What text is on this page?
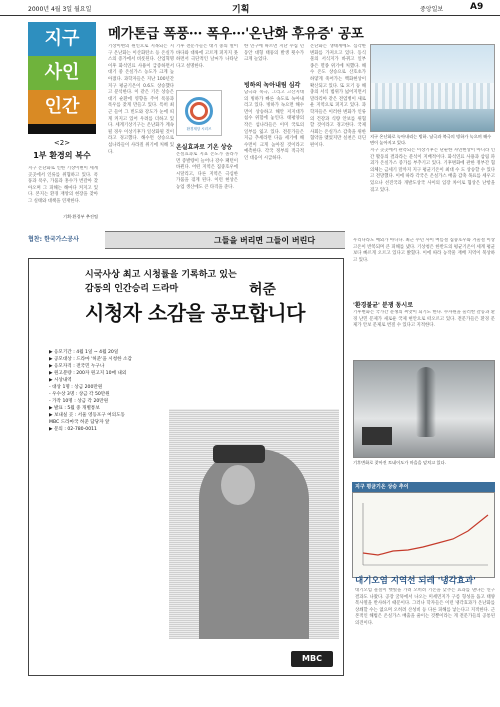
2000년 4월 3일 월요일	기획	중앙일보	A9
지구
사인
인간
<2>
1부 환경의 복수
메가톤급 폭풍··· 폭우···'온난화 후유증' 공포
지구 온난화로 인한 기상이변이 세계 곳곳에서 인류를 위협하고 있다. 폭풍과 폭우, 가뭄과 홍수가 번갈아 찾아오며 그 피해는 해마다 커지고 있다. 본지는 환경 재앙의 현장을 찾아 그 실태와 대책을 연재한다.
기획·환경부 추진팀
기상이변의 원인으로 지목되는 지구 온난화는 이산화탄소 등 온실가스의 증가에서 비롯된다. 산업혁명 이후 화석연료 사용이 급증하면서 대기 중 온실가스 농도가 크게 높아졌다. 과학자들은 지난 100년간 지구 평균기온이 0.6도 상승했다고 분석한다. 이 같은 기온 상승은 대기 순환에 영향을 주어 폭풍과 폭우를 잦게 만들고 있다. 특히 최근 들어 그 빈도와 강도가 눈에 띄게 커지고 있어 우려를 더하고 있다. 세계기상기구는 온난화가 계속될 경우 이상기후가 일상화될 것이라고 경고했다. 해수면 상승으로 섬나라들이 사라질 위기에 처해 있다.
환경재앙 시리즈
기후 전문가들은 대기 중의 열이 바다와 대륙에 고르게 퍼지지 못하면서 극단적인 날씨가 나타난다고 설명한다.
온실효과로 기온 상승
온실효과로 지표 온도가 올라가면 증발량이 늘어나 강수 패턴이 바뀐다. 어떤 지역은 집중호우에 시달리고, 다른 지역은 극심한 가뭄을 겪게 된다. 이런 현상은 농업 생산에도 큰 타격을 준다.
한 연구에 따르면 지난 수십 년 동안 대형 태풍의 발생 횟수가 크게 늘었다.
빙하의 녹아내림 심각
남극과 북극, 그리고 고산지대의 빙하가 빠른 속도로 녹아내리고 있다. 빙하가 녹으면 해수면이 상승하고 해안 저지대가 침수 위험에 놓인다. 태평양의 작은 섬나라들은 이미 국토의 일부를 잃고 있다. 전문가들은 지금 추세라면 다음 세기에 해수면이 크게 높아질 것이라고 예측한다. 각국 정부의 적극적인 대응이 시급하다.
온난화는 생태계에도 심각한 변화를 가져오고 있다. 동식물의 서식지가 바뀌고 일부 종은 멸종 위기에 처했다. 해수 온도 상승으로 산호초가 하얗게 죽어가는 백화현상이 확산되고 있다. 또 모기 등 해충의 서식 범위가 넓어지면서 말라리아 같은 전염병이 새로운 지역으로 퍼지고 있다. 과학자들은 이러한 변화가 인류의 건강과 식량 안보를 위협할 것이라고 경고한다. 국제사회는 온실가스 감축을 위한 협약을 맺었지만 실천은 더딘 편이다.
지구 온난화로 녹아내리는 빙하. 남극과 북극의 빙하가 녹으며 해수면이 높아지고 있다.
지구 곳곳에서 관측되는 이상기후는 단순한 자연현상이 아니라 인간 활동의 결과라는 분석이 지배적이다. 화석연료 사용과 삼림 파괴가 온실가스 증가를 부추기고 있다. 기후변화에 관한 정부간 협의체는 금세기 말까지 지구 평균기온이 최대 수 도 상승할 수 있다고 전망했다. 이에 따라 각국은 온실가스 배출 감축 목표를 세우고 있으나 선진국과 개발도상국 사이의 입장 차이로 협상은 난항을 겪고 있다.
협찬: 한국가스공사	그들을 버리면 그들이 버린다	우리나라도 예외가 아니다. 최근 수년 사이 여름철 집중호우와 겨울철 이상고온이 반복되며 큰 피해를 냈다. 기상청은 한반도의 평균기온이 세계 평균보다 빠르게 오르고 있다고 밝혔다. 이에 따라 농작물 재배 지역이 북상하고 있다.
'환경불균' 분쟁 동시로
기후변화는 국가간 분쟁의 씨앗이 되기도 한다. 수자원을 둘러싼 갈등과 환경 난민 문제가 새로운 국제 현안으로 떠오르고 있다. 전문가들은 환경 문제가 안보 문제로 번질 수 있다고 지적한다.
기후변화로 잦아진 토네이도가 마을을 덮치고 있다.
지구 평균기온 상승 추이
대기오염 지역선 되레 '냉각효과'
대기오염 물질이 햇빛을 가려 오히려 기온을 낮추는 효과를 낸다는 연구 결과도 나왔다. 공장 굴뚝에서 나오는 미세먼지가 구름 형성을 돕고 태양 복사열을 반사하기 때문이다. 그러나 학자들은 이런 냉각효과가 온난화를 상쇄할 수는 없으며 오히려 산성비 등 다른 피해를 낳는다고 지적한다. 근본적인 해법은 온실가스 배출을 줄이는 것뿐이라는 게 전문가들의 공통된 의견이다.
시국사상 최고 시청률을 기록하고 있는
감동의 인간승리 드라마	허준
시청자 소감을 공모합니다
▶ 응모기간 : 4월 1일 ~ 4월 20일
▶ 공모대상 : 드라마 '허준'을 시청한 소감
▶ 응모자격 : 전국민 누구나
▶ 원고분량 : 200자 원고지 10매 내외
▶ 시상내역
- 대상 1명 : 상금 200만원
- 우수상 3명 : 상금 각 50만원
- 가작 10명 : 상금 각 20만원
▶ 발표 : 5월 중 개별통보
▶ 보내실 곳 : 서울 영등포구 여의도동
MBC 드라마국 허준 담당자 앞
▶ 문의 : 02-780-0011
MBC
